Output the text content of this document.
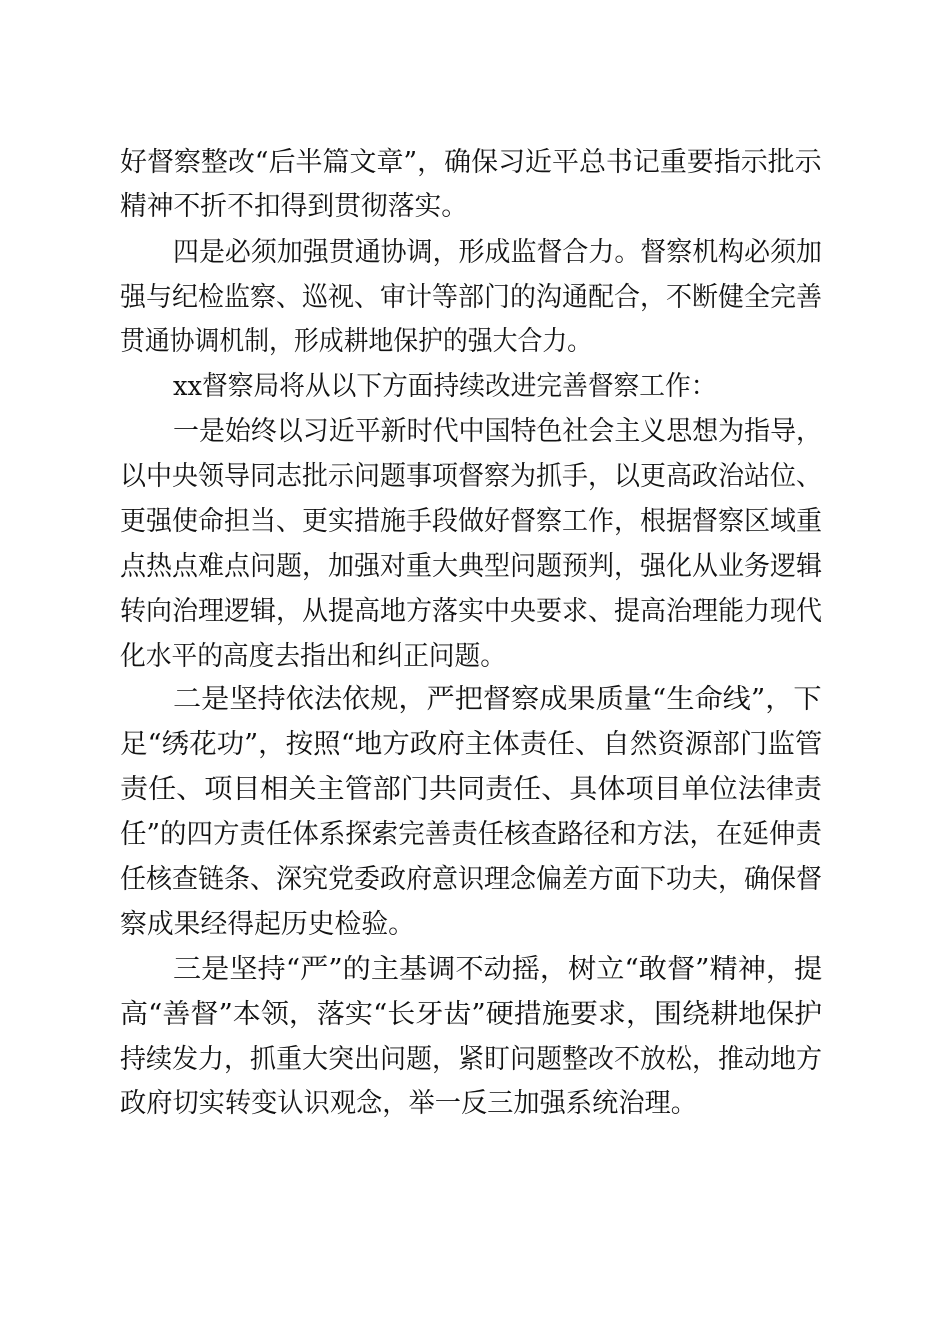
好督察整改“后半篇文章”，确保习近平总书记重要指示批示
精神不折不扣得到贯彻落实。
四是必须加强贯通协调，形成监督合力。督察机构必须加
强与纪检监察、巡视、审计等部门的沟通配合，不断健全完善
贯通协调机制，形成耕地保护的强大合力。
xx督察局将从以下方面持续改进完善督察工作：
一是始终以习近平新时代中国特色社会主义思想为指导，
以中央领导同志批示问题事项督察为抓手，以更高政治站位、
更强使命担当、更实措施手段做好督察工作，根据督察区域重
点热点难点问题，加强对重大典型问题预判，强化从业务逻辑
转向治理逻辑，从提高地方落实中央要求、提高治理能力现代
化水平的高度去指出和纠正问题。
二是坚持依法依规，严把督察成果质量“生命线”，下
足“绣花功”，按照“地方政府主体责任、自然资源部门监管
责任、项目相关主管部门共同责任、具体项目单位法律责
任”的四方责任体系探索完善责任核查路径和方法，在延伸责
任核查链条、深究党委政府意识理念偏差方面下功夫，确保督
察成果经得起历史检验。
三是坚持“严”的主基调不动摇，树立“敢督”精神，提
高“善督”本领，落实“长牙齿”硬措施要求，围绕耕地保护
持续发力，抓重大突出问题，紧盯问题整改不放松，推动地方
政府切实转变认识观念，举一反三加强系统治理。
